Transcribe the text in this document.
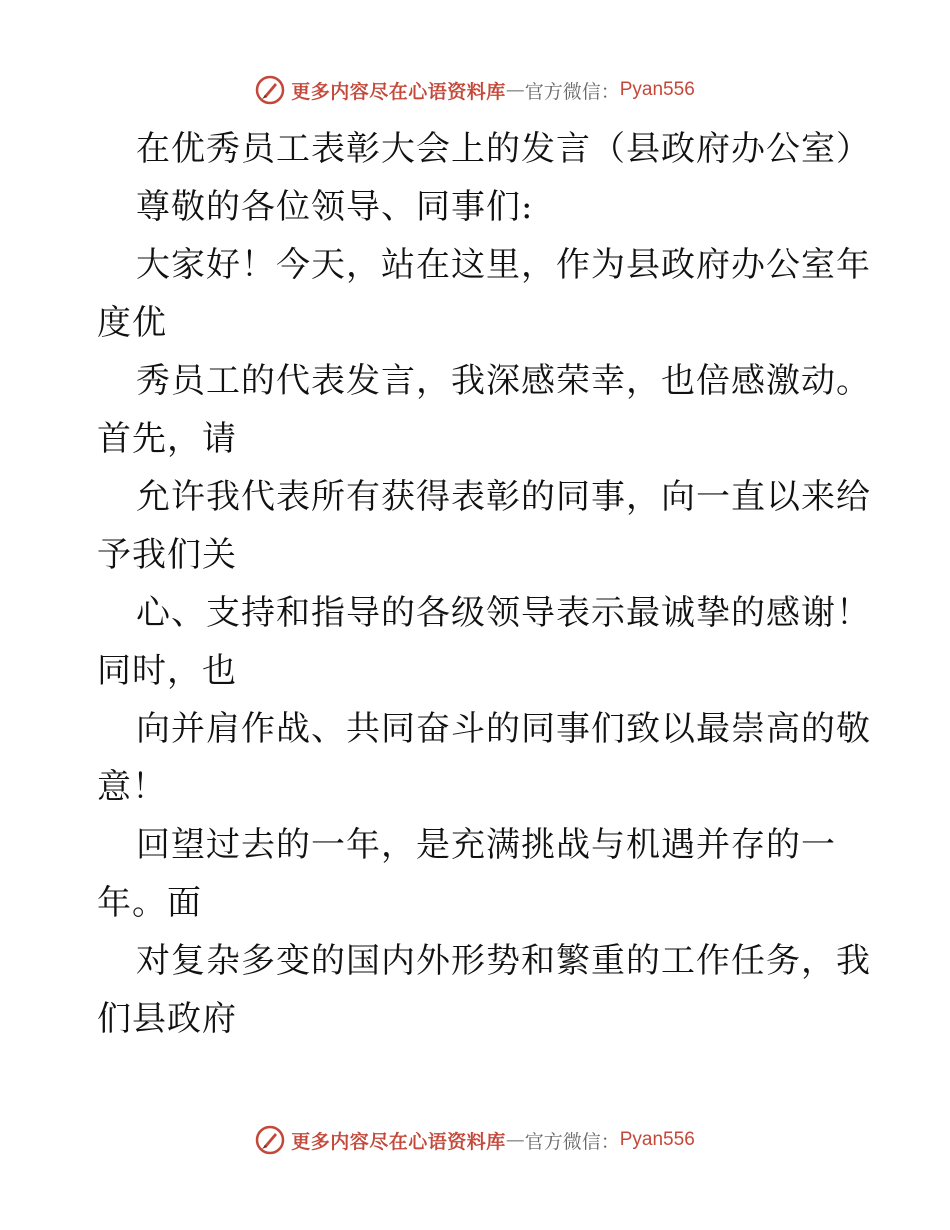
更多内容尽在心语资料库 — 官方微信： Pyan556
在优秀员工表彰大会上的发言（县政府办公室）
尊敬的各位领导、同事们:
大家好！今天，站在这里，作为县政府办公室年
度优
秀员工的代表发言，我深感荣幸，也倍感激动。
首先，请
允许我代表所有获得表彰的同事，向一直以来给
予我们关
心、支持和指导的各级领导表示最诚挚的感谢！
同时，也
向并肩作战、共同奋斗的同事们致以最崇高的敬
意！
回望过去的一年，是充满挑战与机遇并存的一
年。面
对复杂多变的国内外形势和繁重的工作任务，我
们县政府
更多内容尽在心语资料库 — 官方微信： Pyan556
